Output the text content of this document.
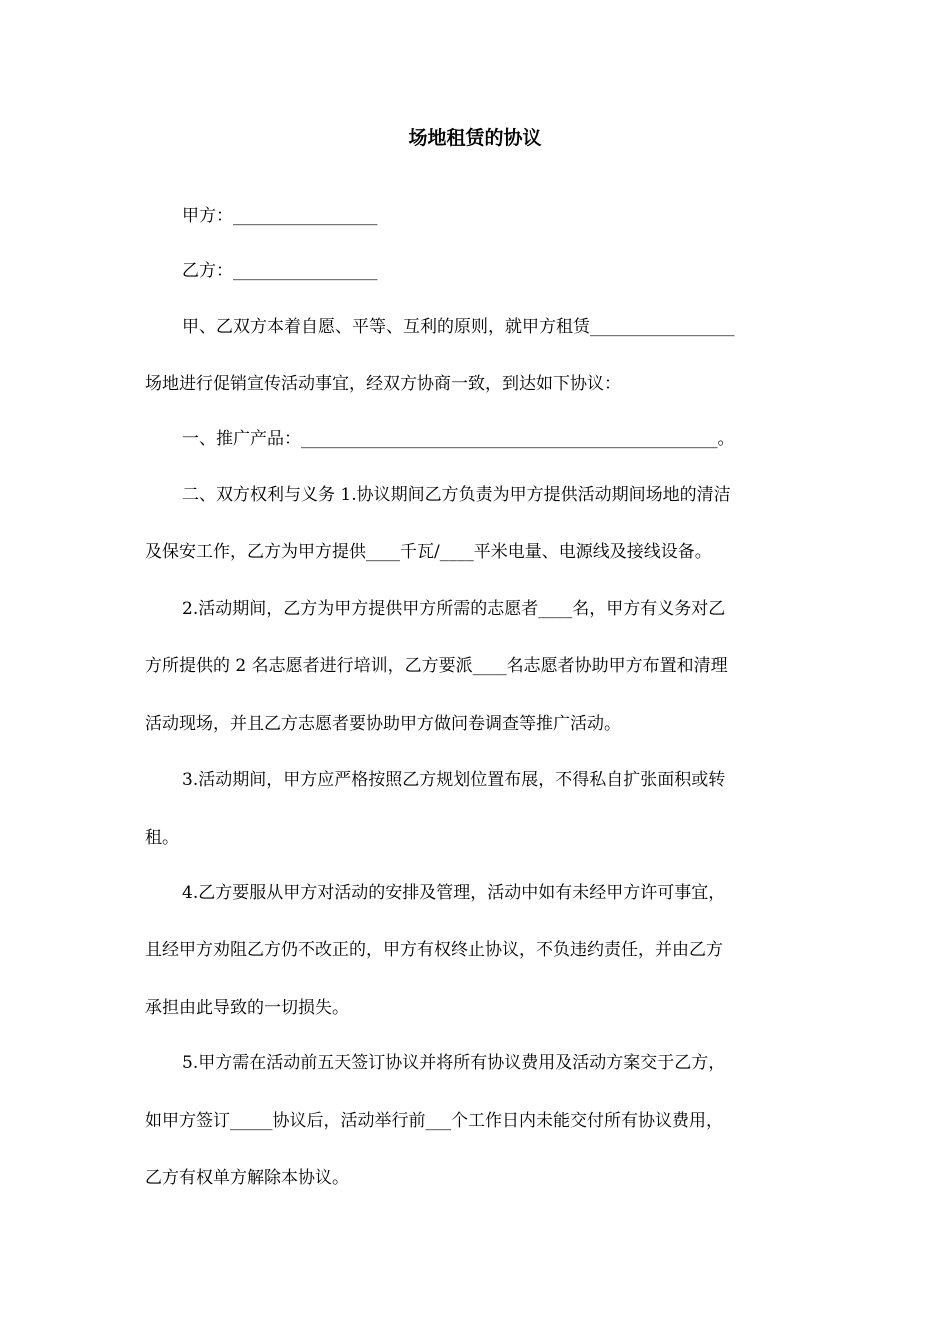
场地租赁的协议
甲方：_________________
乙方：_________________
甲、乙双方本着自愿、平等、互利的原则，就甲方租赁_________________
场地进行促销宣传活动事宜，经双方协商一致，到达如下协议：
一、推广产品：_________________________________________________。
二、双方权利与义务 1.协议期间乙方负责为甲方提供活动期间场地的清洁
及保安工作，乙方为甲方提供____千瓦/____平米电量、电源线及接线设备。
2.活动期间，乙方为甲方提供甲方所需的志愿者____名，甲方有义务对乙
方所提供的 2 名志愿者进行培训，乙方要派____名志愿者协助甲方布置和清理
活动现场，并且乙方志愿者要协助甲方做问卷调查等推广活动。
3.活动期间，甲方应严格按照乙方规划位置布展，不得私自扩张面积或转
租。
4.乙方要服从甲方对活动的安排及管理，活动中如有未经甲方许可事宜，
且经甲方劝阻乙方仍不改正的，甲方有权终止协议，不负违约责任，并由乙方
承担由此导致的一切损失。
5.甲方需在活动前五天签订协议并将所有协议费用及活动方案交于乙方，
如甲方签订_____协议后，活动举行前___个工作日内未能交付所有协议费用，
乙方有权单方解除本协议。
